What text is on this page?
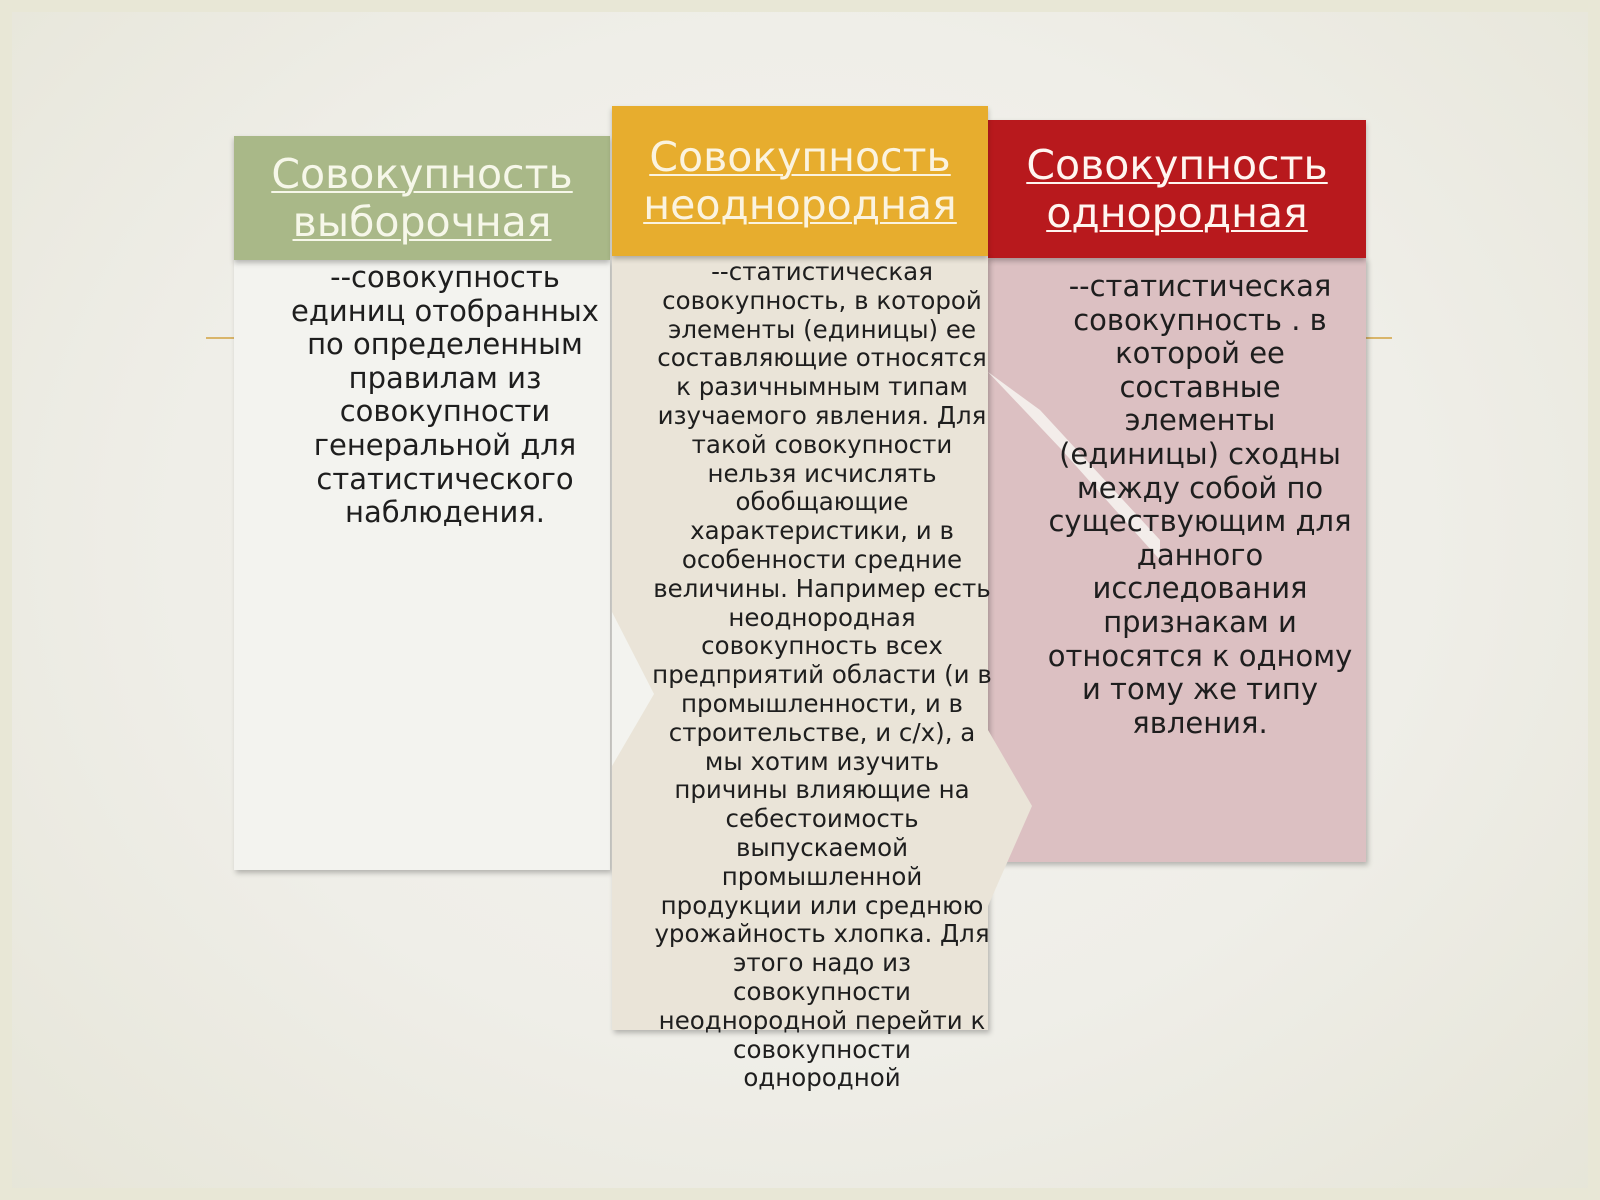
Совокупность
выборочная
Совокупность
однородная
Совокупность
неоднородная

--совокупность единиц отобранных по определенным правилам из совокупности генеральной для статистического наблюдения.

--статистическая совокупность, в которой элементы (единицы) ее составляющие относятся к разичнымным типам изучаемого явления. Для такой совокупности нельзя исчислять обобщающие характеристики, и в особенности средние величины. Например есть неоднородная совокупность всех предприятий области (и в промышленности, и в строительстве, и с/х), а мы хотим изучить причины влияющие на себестоимость выпускаемой промышленной продукции или среднюю урожайность хлопка. Для этого надо из совокупности неоднородной перейти к совокупности однородной

--статистическая совокупность . в которой ее составные элементы (единицы) сходны между собой по существующим для данного исследования признакам и относятся к одному и тому же типу явления.
